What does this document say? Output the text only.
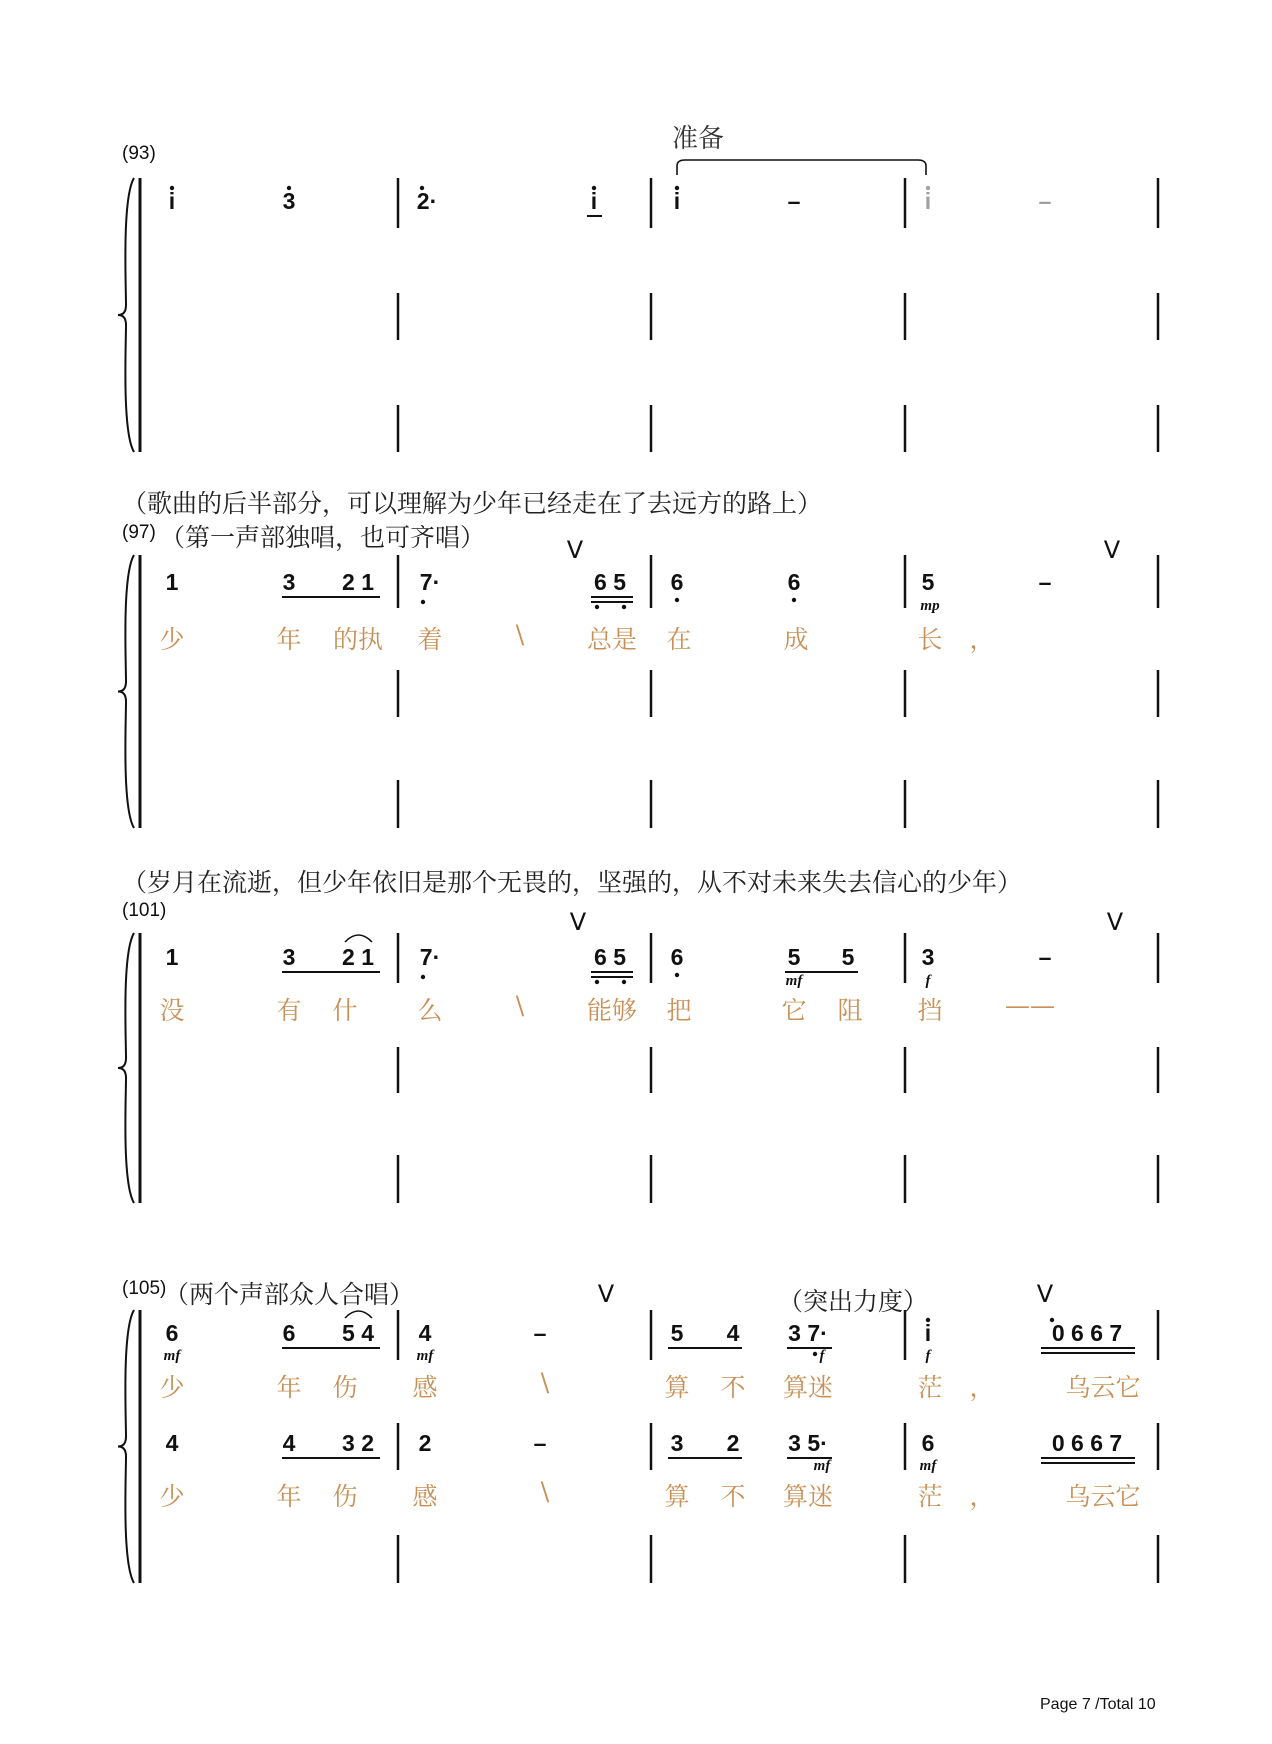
(93)	准备
i	3	2·	i	i	–	i	–
（歌曲的后半部分，可以理解为少年已经走在了去远方的路上）
(97) （第一声部独唱，也可齐唱）	V	V
1	3 2 1 7·	6 5 6	6	5	–
mp
少	年 的执 着	\	总是 在	成	长 ，
（岁月在流逝，但少年依旧是那个无畏的，坚强的，从不对未来失去信心的少年）
(101)	V	V
1	3 2 1 7·	6 5 6	5 5	3	–
mf	f
没	有 什 么	\	能够 把	它 阻 挡 ——
(105)
（两个声部众人合唱）	（突出力度）
V	V
6	6 5 4 4	–	5 4 3 7·	i	0 6 6 7
mf	mf	f	f
少	年 伤 感	\	算 不 算迷	茫 ，	乌云它
4	4 3 2 2	–	3 2 3 5·	6	0 6 6 7
mf	mf
少	年 伤 感	\	算 不 算迷	茫 ，	乌云它
Page 7 /Total 10
